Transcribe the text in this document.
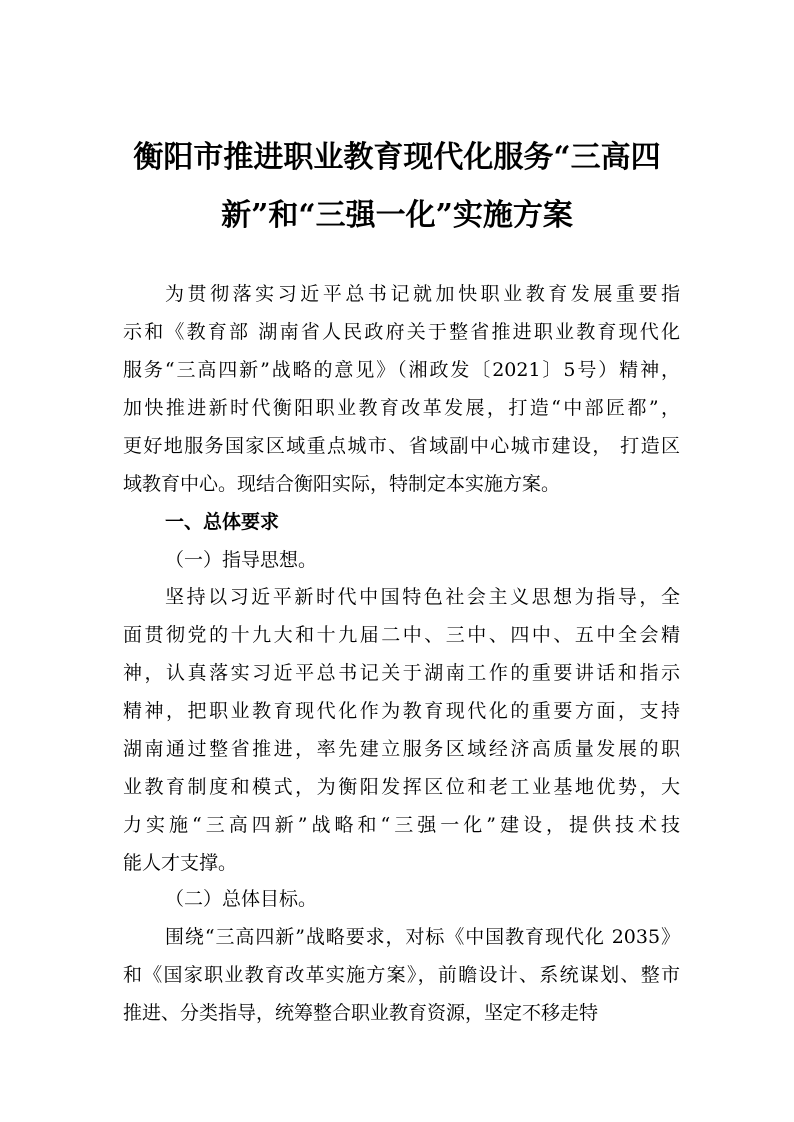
衡阳市推进职业教育现代化服务“三高四
新”和“三强一化”实施方案
为贯彻落实习近平总书记就加快职业教育发展重要指
示和《教育部 湖南省人民政府关于整省推进职业教育现代化
服务“三高四新”战略的意见》（湘政发〔2021〕5号）精神，
加快推进新时代衡阳职业教育改革发展，打造“中部匠都”，
更好地服务国家区域重点城市、省域副中心城市建设， 打造区
域教育中心。现结合衡阳实际，特制定本实施方案。
一、总体要求
（一）指导思想。
坚持以习近平新时代中国特色社会主义思想为指导，全
面贯彻党的十九大和十九届二中、三中、四中、五中全会精
神，认真落实习近平总书记关于湖南工作的重要讲话和指示
精神，把职业教育现代化作为教育现代化的重要方面，支持
湖南通过整省推进，率先建立服务区域经济高质量发展的职
业教育制度和模式，为衡阳发挥区位和老工业基地优势，大
力实施“三高四新”战略和“三强一化”建设，提供技术技
能人才支撑。
（二）总体目标。
围绕“三高四新”战略要求，对标《中国教育现代化 2035》
和《国家职业教育改革实施方案》，前瞻设计、系统谋划、整市
推进、分类指导，统筹整合职业教育资源，坚定不移走特
